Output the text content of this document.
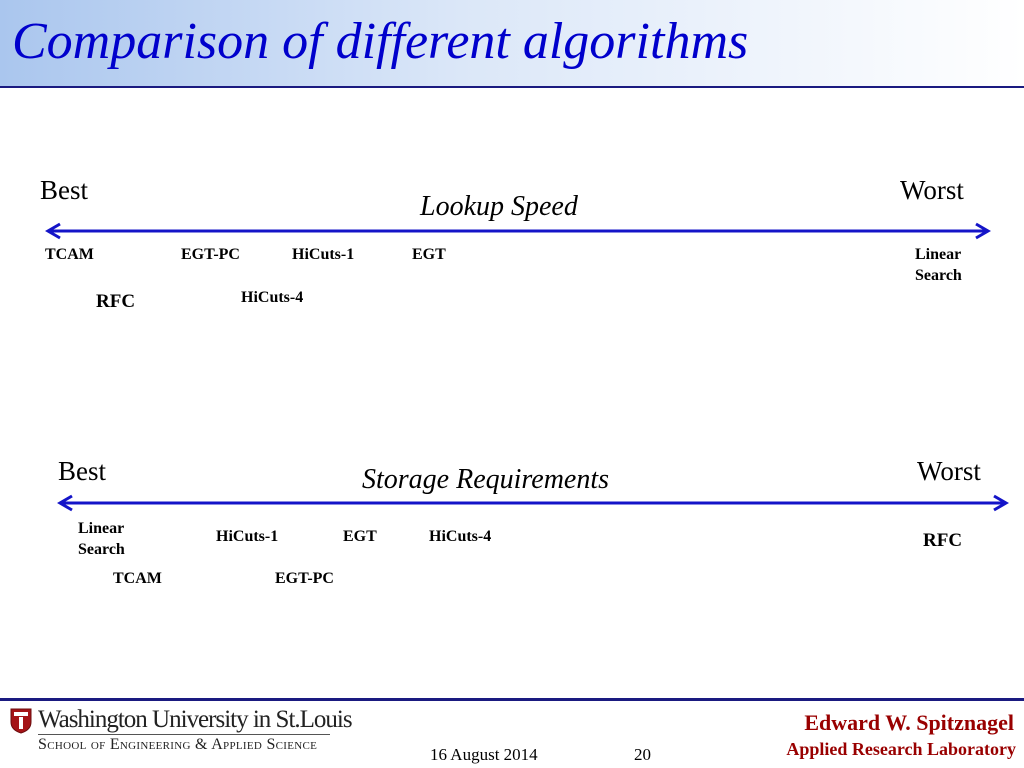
Comparison of different algorithms
Best	Worst
Lookup Speed
TCAM	EGT-PC	HiCuts-1	EGT	Linear
Search
RFC	HiCuts-4
Best	Worst
Storage Requirements
Linear
Search
HiCuts-1	EGT	HiCuts-4	RFC
TCAM	EGT-PC
Washington University in St.Louis
School of Engineering & Applied Science
16 August 2014	20
Edward W. Spitznagel
Applied Research Laboratory
